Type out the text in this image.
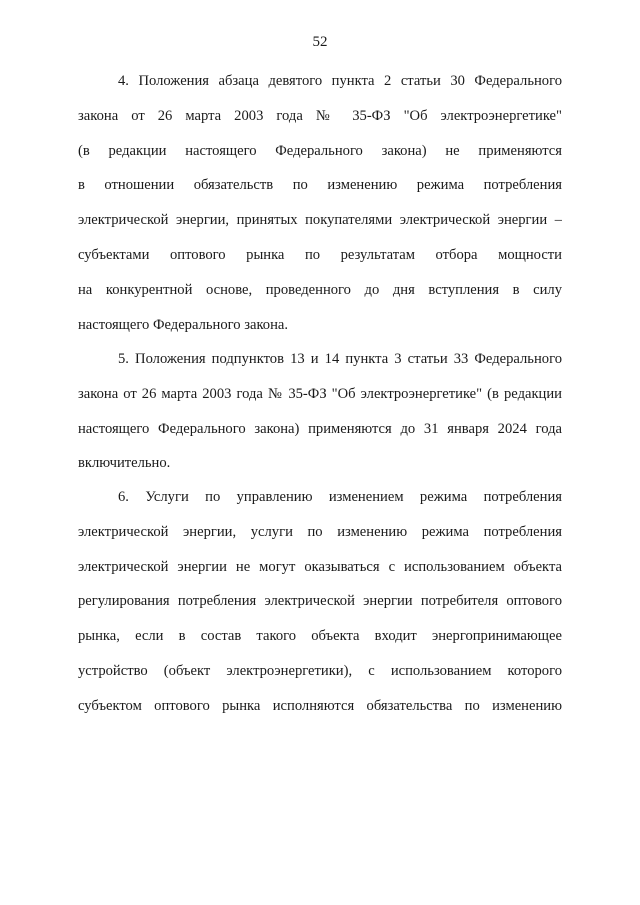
52
4. Положения абзаца девятого пункта 2 статьи 30 Федерального
закона от 26 марта 2003 года № 35-ФЗ "Об электроэнергетике"
(в редакции настоящего Федерального закона) не применяются
в отношении обязательств по изменению режима потребления
электрической энергии, принятых покупателями электрической энергии –
субъектами оптового рынка по результатам отбора мощности
на конкурентной основе, проведенного до дня вступления в силу
настоящего Федерального закона.
5. Положения подпунктов 13 и 14 пункта 3 статьи 33 Федерального
закона от 26 марта 2003 года № 35-ФЗ "Об электроэнергетике" (в редакции
настоящего Федерального закона) применяются до 31 января 2024 года
включительно.
6. Услуги по управлению изменением режима потребления
электрической энергии, услуги по изменению режима потребления
электрической энергии не могут оказываться с использованием объекта
регулирования потребления электрической энергии потребителя оптового
рынка, если в состав такого объекта входит энергопринимающее
устройство (объект электроэнергетики), с использованием которого
субъектом оптового рынка исполняются обязательства по изменению
